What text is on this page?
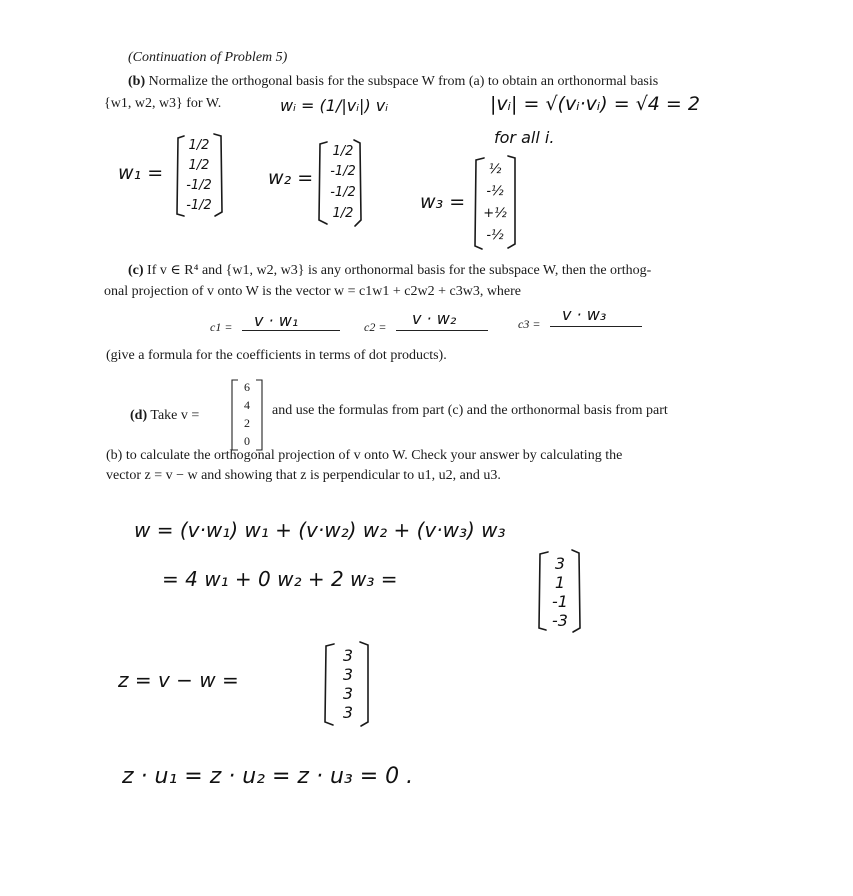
(Continuation of Problem 5)
(b) Normalize the orthogonal basis for the subspace W from (a) to obtain an orthonormal basis
{w1, w2, w3} for W.	wᵢ = (1/|vᵢ|) vᵢ	|vᵢ| = √(vᵢ·vᵢ) = √4 = 2
for all i.
w₁ =
1/2
1/2
-1/2
-1/2
w₂ =
1/2
-1/2
-1/2
1/2
w₃ =
½
-½
+½
-½
(c) If v ∈ R⁴ and {w1, w2, w3} is any orthonormal basis for the subspace W, then the orthog-
onal projection of v onto W is the vector w = c1w1 + c2w2 + c3w3, where
c1 = v · w₁	c2 = v · w₂	c3 = v · w₃
(give a formula for the coefficients in terms of dot products).
(d) Take v =
6
4
2
0
and use the formulas from part (c) and the orthonormal basis from part
(b) to calculate the orthogonal projection of v onto W. Check your answer by calculating the
vector z = v − w and showing that z is perpendicular to u1, u2, and u3.
w = (v·w₁) w₁ + (v·w₂) w₂ + (v·w₃) w₃
= 4 w₁ + 0 w₂ + 2 w₃ =
3
1
-1
-3
z = v − w =
3
3
3
3
z · u₁ = z · u₂ = z · u₃ = 0 .
